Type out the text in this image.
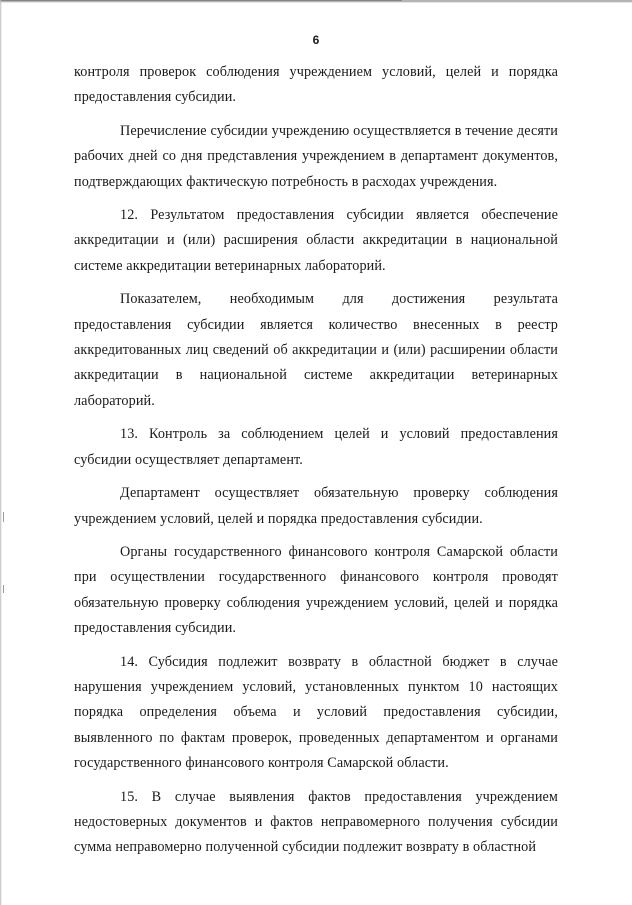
6

контроля проверок соблюдения учреждением условий, целей и порядка предоставления субсидии.

Перечисление субсидии учреждению осуществляется в течение десяти рабочих дней со дня представления учреждением в департамент документов, подтверждающих фактическую потребность в расходах учреждения.

12. Результатом предоставления субсидии является обеспечение аккредитации и (или) расширения области аккредитации в национальной системе аккредитации ветеринарных лабораторий.

Показателем, необходимым для достижения результата предоставления субсидии является количество внесенных в реестр аккредитованных лиц сведений об аккредитации и (или) расширении области аккредитации в национальной системе аккредитации ветеринарных лабораторий.

13. Контроль за соблюдением целей и условий предоставления субсидии осуществляет департамент.

Департамент осуществляет обязательную проверку соблюдения учреждением условий, целей и порядка предоставления субсидии.

Органы государственного финансового контроля Самарской области при осуществлении государственного финансового контроля проводят обязательную проверку соблюдения учреждением условий, целей и порядка предоставления субсидии.

14. Субсидия подлежит возврату в областной бюджет в случае нарушения учреждением условий, установленных пунктом 10 настоящих порядка определения объема и условий предоставления субсидии, выявленного по фактам проверок, проведенных департаментом и органами государственного финансового контроля Самарской области.

15. В случае выявления фактов предоставления учреждением недостоверных документов и фактов неправомерного получения субсидии сумма неправомерно полученной субсидии подлежит возврату в областной
